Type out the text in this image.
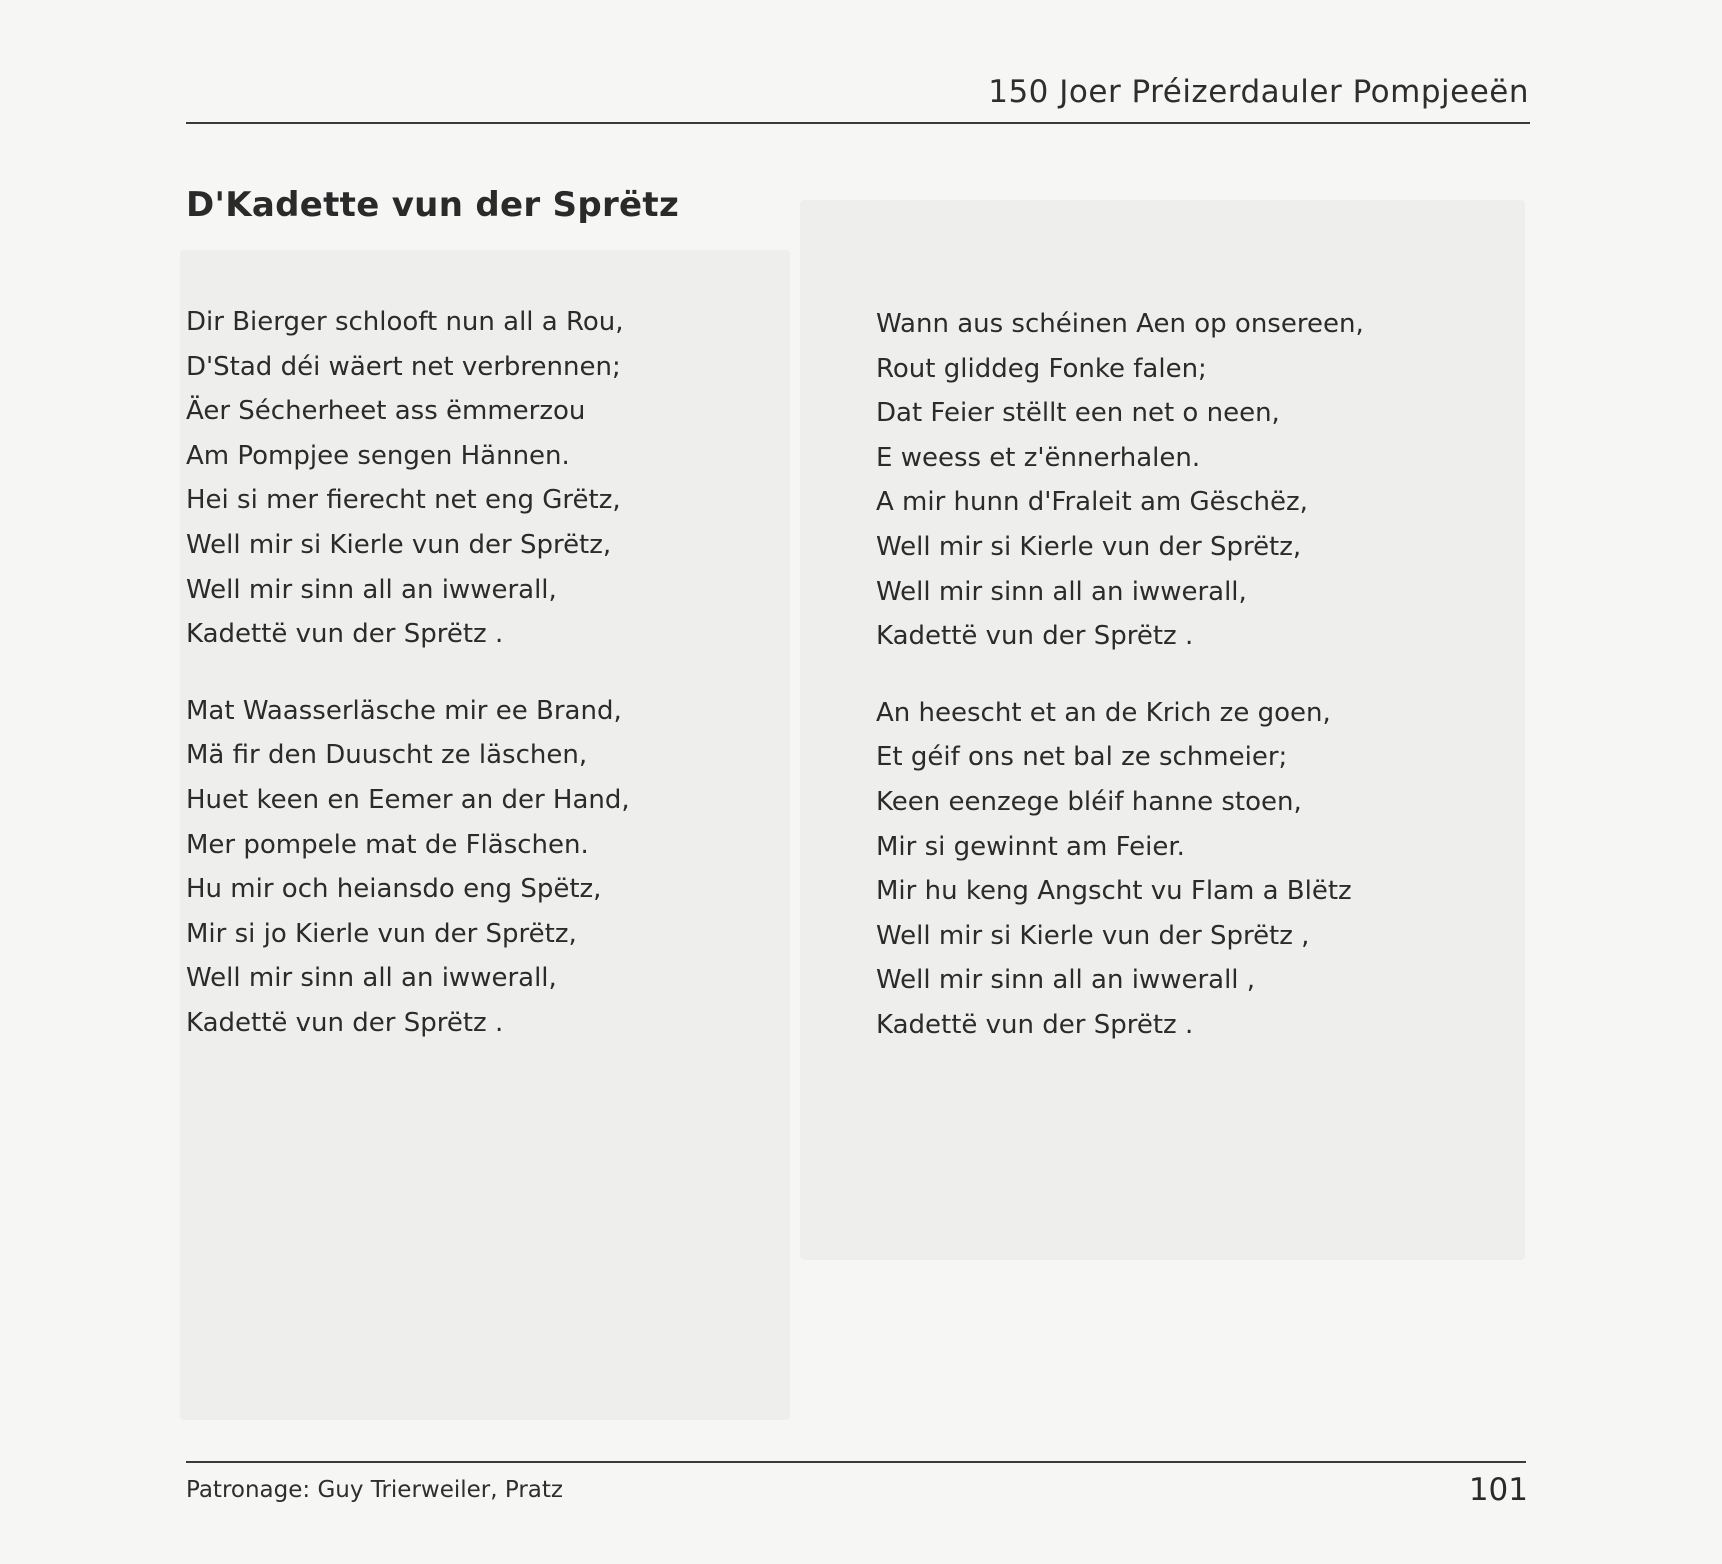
150 Joer Préizerdauler Pompjeeën
D'Kadette vun der Sprëtz
Dir Bierger schlooft nun all a Rou,
D'Stad déi wäert net verbrennen;
Äer Sécherheet ass ëmmerzou
Am Pompjee sengen Hännen.
Hei si mer fierecht net eng Grëtz,
Well mir si Kierle vun der Sprëtz,
Well mir sinn all an iwwerall,
Kadettë vun der Sprëtz .
Mat Waasserläsche mir ee Brand,
Mä fir den Duuscht ze läschen,
Huet keen en Eemer an der Hand,
Mer pompele mat de Fläschen.
Hu mir och heiansdo eng Spëtz,
Mir si jo Kierle vun der Sprëtz,
Well mir sinn all an iwwerall,
Kadettë vun der Sprëtz .
Wann aus schéinen Aen op onsereen,
Rout gliddeg Fonke falen;
Dat Feier stëllt een net o neen,
E weess et z'ënnerhalen.
A mir hunn d'Fraleit am Gëschëz,
Well mir si Kierle vun der Sprëtz,
Well mir sinn all an iwwerall,
Kadettë vun der Sprëtz .
An heescht et an de Krich ze goen,
Et géif ons net bal ze schmeier;
Keen eenzege bléif hanne stoen,
Mir si gewinnt am Feier.
Mir hu keng Angscht vu Flam a Blëtz
Well mir si Kierle vun der Sprëtz ,
Well mir sinn all an iwwerall ,
Kadettë vun der Sprëtz .
Patronage: Guy Trierweiler, Pratz	101
